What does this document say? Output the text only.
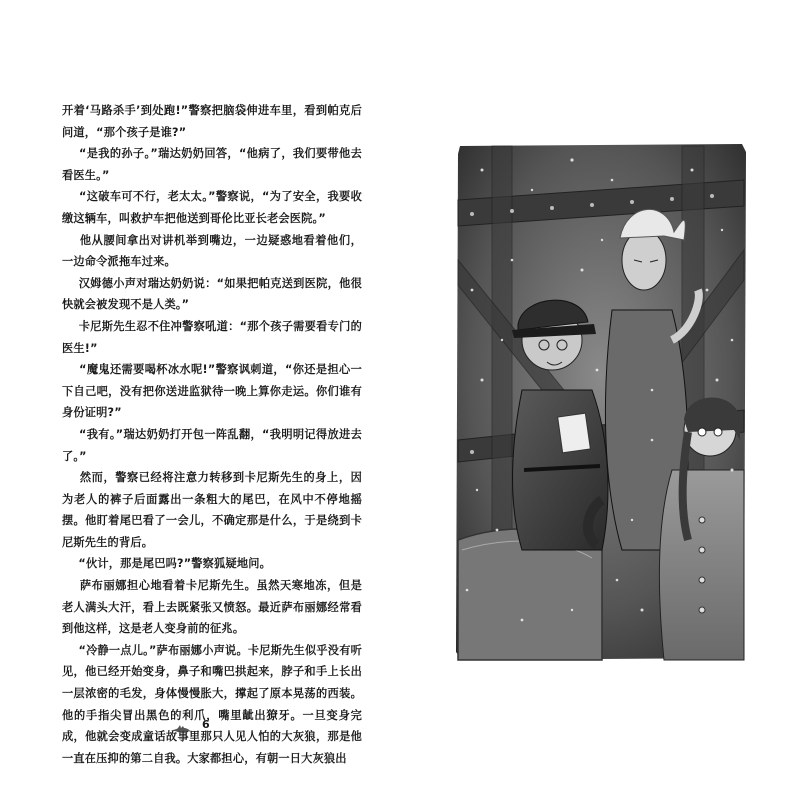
开着‘马路杀手’到处跑!”警察把脑袋伸进车里，看到帕克后问道，“那个孩子是谁?”

“是我的孙子。”瑞达奶奶回答，“他病了，我们要带他去看医生。”

“这破车可不行，老太太。”警察说，“为了安全，我要收缴这辆车，叫救护车把他送到哥伦比亚长老会医院。”

他从腰间拿出对讲机举到嘴边，一边疑惑地看着他们，一边命令派拖车过来。

汉姆德小声对瑞达奶奶说：“如果把帕克送到医院，他很快就会被发现不是人类。”

卡尼斯先生忍不住冲警察吼道：“那个孩子需要看专门的医生!”

“魔鬼还需要喝杯冰水呢!”警察讽刺道，“你还是担心一下自己吧，没有把你送进监狱待一晚上算你走运。你们谁有身份证明?”

“我有。”瑞达奶奶打开包一阵乱翻，“我明明记得放进去了。”

然而，警察已经将注意力转移到卡尼斯先生的身上，因为老人的裤子后面露出一条粗大的尾巴，在风中不停地摇摆。他盯着尾巴看了一会儿，不确定那是什么，于是绕到卡尼斯先生的背后。

“伙计，那是尾巴吗?”警察狐疑地问。

萨布丽娜担心地看着卡尼斯先生。虽然天寒地冻，但是老人满头大汗，看上去既紧张又愤怒。最近萨布丽娜经常看到他这样，这是老人变身前的征兆。

“冷静一点儿。”萨布丽娜小声说。卡尼斯先生似乎没有听见，他已经开始变身，鼻子和嘴巴拱起来，脖子和手上长出一层浓密的毛发，身体慢慢胀大，撑起了原本晃荡的西装。他的手指尖冒出黑色的利爪，嘴里龇出獠牙。一旦变身完成，他就会变成童话故事里那只人见人怕的大灰狼，那是他一直在压抑的第二自我。大家都担心，有朝一日大灰狼出

6
